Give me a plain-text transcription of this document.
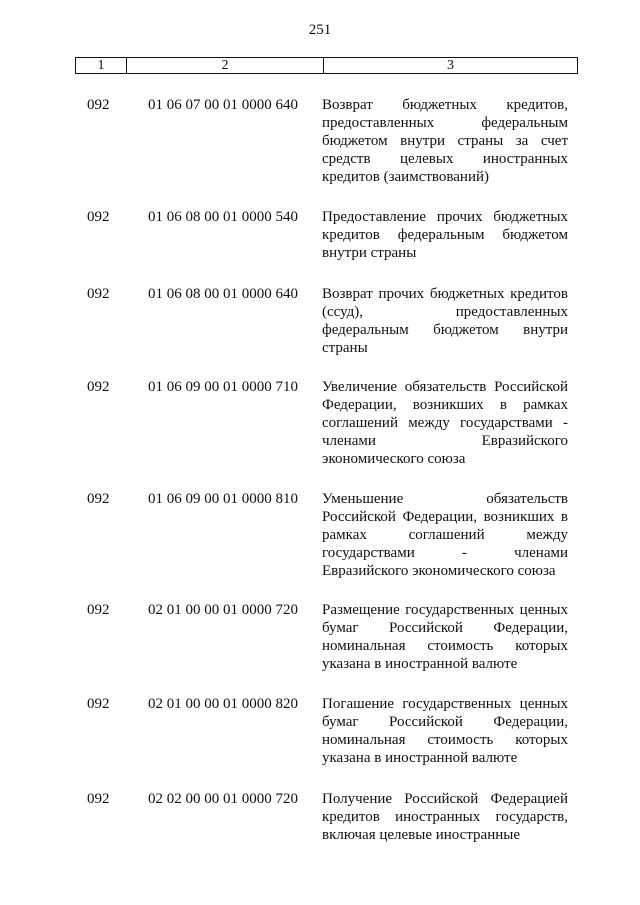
251
1	2	3
092	01 06 07 00 01 0000 640 Возврат бюджетных кредитов,
предоставленных федеральным
бюджетом внутри страны за счет
средств целевых иностранных
кредитов (заимствований)
092	01 06 08 00 01 0000 540 Предоставление прочих бюджетных
кредитов федеральным бюджетом
внутри страны
092	01 06 08 00 01 0000 640 Возврат прочих бюджетных кредитов
(ссуд), предоставленных
федеральным бюджетом внутри
страны
092	01 06 09 00 01 0000 710 Увеличение обязательств Российской
Федерации, возникших в рамках
соглашений между государствами -
членами Евразийского
экономического союза
092	01 06 09 00 01 0000 810 Уменьшение обязательств
Российской Федерации, возникших в
рамках соглашений между
государствами - членами
Евразийского экономического союза
092	02 01 00 00 01 0000 720 Размещение государственных ценных
бумаг Российской Федерации,
номинальная стоимость которых
указана в иностранной валюте
092	02 01 00 00 01 0000 820 Погашение государственных ценных
бумаг Российской Федерации,
номинальная стоимость которых
указана в иностранной валюте
092	02 02 00 00 01 0000 720 Получение Российской Федерацией
кредитов иностранных государств,
включая целевые иностранные
